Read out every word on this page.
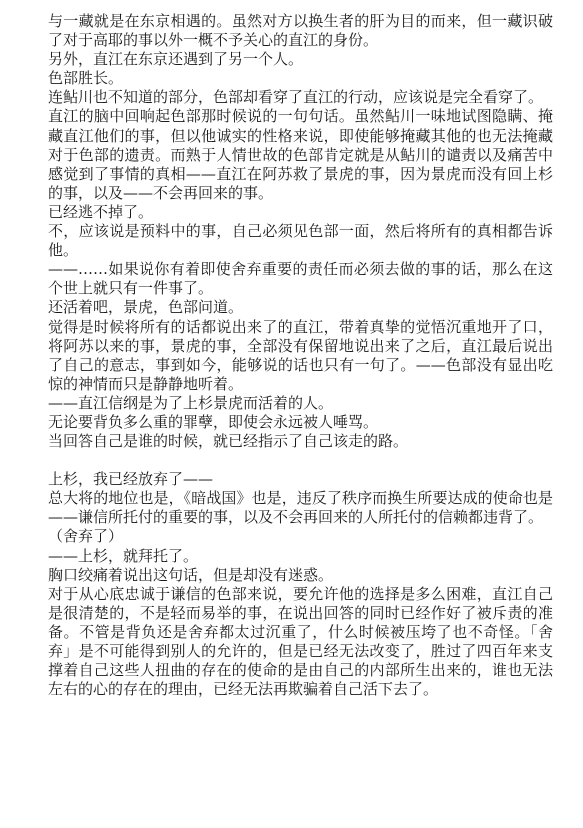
与一藏就是在东京相遇的。虽然对方以换生者的肝为目的而来，但一藏识破了对于高耶的事以外一概不予关心的直江的身份。

另外，直江在东京还遇到了另一个人。

色部胜长。

连鲇川也不知道的部分，色部却看穿了直江的行动，应该说是完全看穿了。

直江的脑中回响起色部那时候说的一句句话。虽然鲇川一味地试图隐瞒、掩藏直江他们的事，但以他诚实的性格来说，即使能够掩藏其他的也无法掩藏对于色部的遗责。而熟于人情世故的色部肯定就是从鲇川的谴责以及痛苦中感觉到了事情的真相——直江在阿苏救了景虎的事，因为景虎而没有回上杉的事，以及——不会再回来的事。

已经逃不掉了。

不，应该说是预料中的事，自己必须见色部一面，然后将所有的真相都告诉他。

——……如果说你有着即使舍弃重要的责任而必须去做的事的话，那么在这个世上就只有一件事了。

还活着吧，景虎，色部问道。

觉得是时候将所有的话都说出来了的直江，带着真挚的觉悟沉重地开了口，将阿苏以来的事，景虎的事，全部没有保留地说出来了之后，直江最后说出了自己的意志，事到如今，能够说的话也只有一句了。——色部没有显出吃惊的神情而只是静静地听着。

——直江信纲是为了上杉景虎而活着的人。

无论要背负多么重的罪孽，即使会永远被人唾骂。

当回答自己是谁的时候，就已经指示了自己该走的路。

上杉，我已经放弃了——

总大将的地位也是，《暗战国》也是，违反了秩序而换生所要达成的使命也是——谦信所托付的重要的事，以及不会再回来的人所托付的信赖都违背了。

（舍弃了）

——上杉，就拜托了。

胸口绞痛着说出这句话，但是却没有迷惑。

对于从心底忠诚于谦信的色部来说，要允许他的选择是多么困难，直江自己是很清楚的，不是轻而易举的事，在说出回答的同时已经作好了被斥责的准备。不管是背负还是舍弃都太过沉重了，什么时候被压垮了也不奇怪。「舍弃」是不可能得到别人的允许的，但是已经无法改变了，胜过了四百年来支撑着自己这些人扭曲的存在的使命的是由自己的内部所生出来的，谁也无法左右的心的存在的理由，已经无法再欺骗着自己活下去了。
